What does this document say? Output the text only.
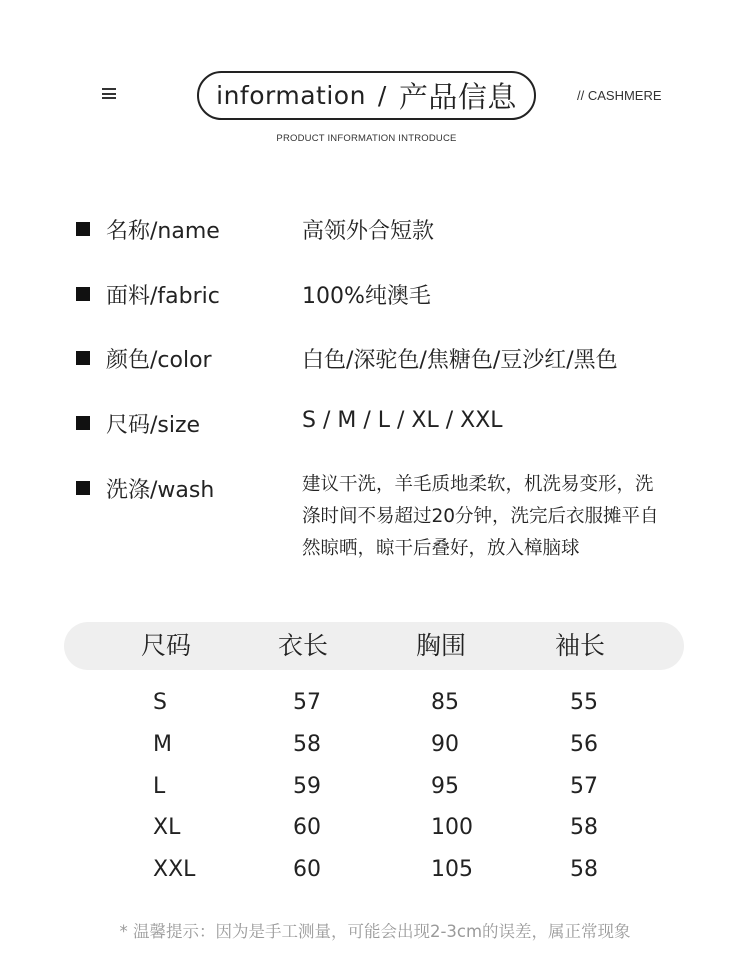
information / 产品信息	// CASHMERE
PRODUCT INFORMATION INTRODUCE
名称/name	高领外合短款
面料/fabric	100%纯澳毛
颜色/color	白色/深驼色/焦糖色/豆沙红/黑色
尺码/size	S / M / L / XL / XXL
洗涤/wash	建议干洗，羊毛质地柔软，机洗易变形，洗
涤时间不易超过20分钟，洗完后衣服摊平自
然晾晒，晾干后叠好，放入樟脑球
尺码	衣长	胸围	袖长
S	57	85	55
M	58	90	56
L	59	95	57
XL	60	100	58
XXL	60	105	58
* 温馨提示：因为是手工测量，可能会出现2-3cm的误差，属正常现象
